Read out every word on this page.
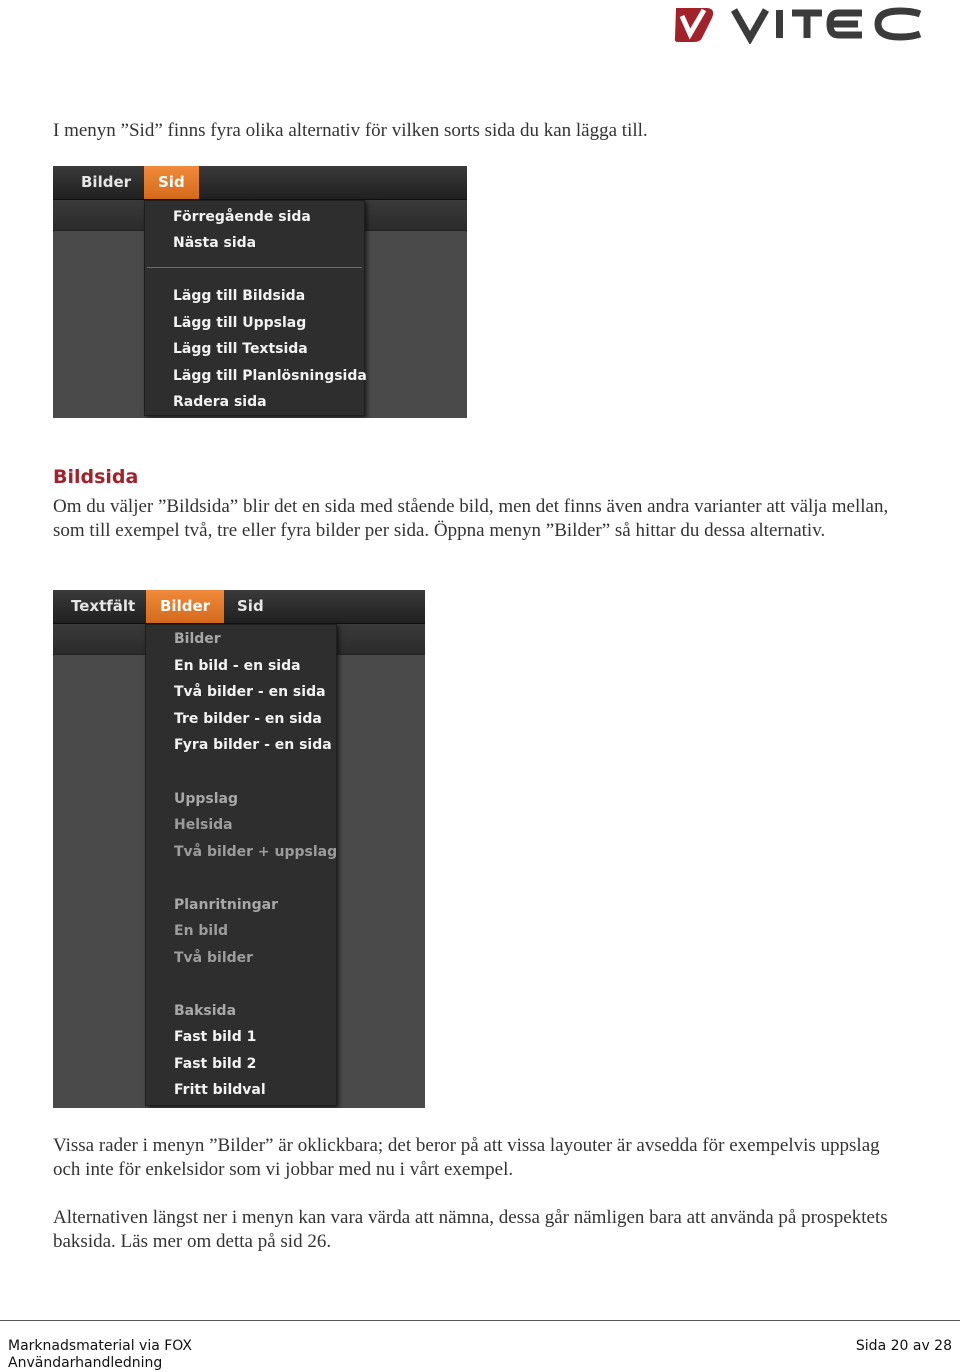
I menyn ”Sid” finns fyra olika alternativ för vilken sorts sida du kan lägga till.

Bilder	Sid
Förregående sida
Nästa sida
Lägg till Bildsida
Lägg till Uppslag
Lägg till Textsida
Lägg till Planlösningsida
Radera sida
Bildsida

Om du väljer ”Bildsida” blir det en sida med stående bild, men det finns även andra varianter att välja mellan, som till exempel två, tre eller fyra bilder per sida. Öppna menyn ”Bilder” så hittar du dessa alternativ.

Textfält	Bilder	Sid
Bilder
En bild - en sida
Två bilder - en sida
Tre bilder - en sida
Fyra bilder - en sida
Uppslag
Helsida
Två bilder + uppslag
Planritningar
En bild
Två bilder
Baksida
Fast bild 1
Fast bild 2
Fritt bildval

Vissa rader i menyn ”Bilder” är oklickbara; det beror på att vissa layouter är avsedda för exempelvis uppslag och inte för enkelsidor som vi jobbar med nu i vårt exempel.

Alternativen längst ner i menyn kan vara värda att nämna, dessa går nämligen bara att använda på prospektets baksida. Läs mer om detta på sid 26.

Marknadsmaterial via FOX
Användarhandledning
Sida 20 av 28
